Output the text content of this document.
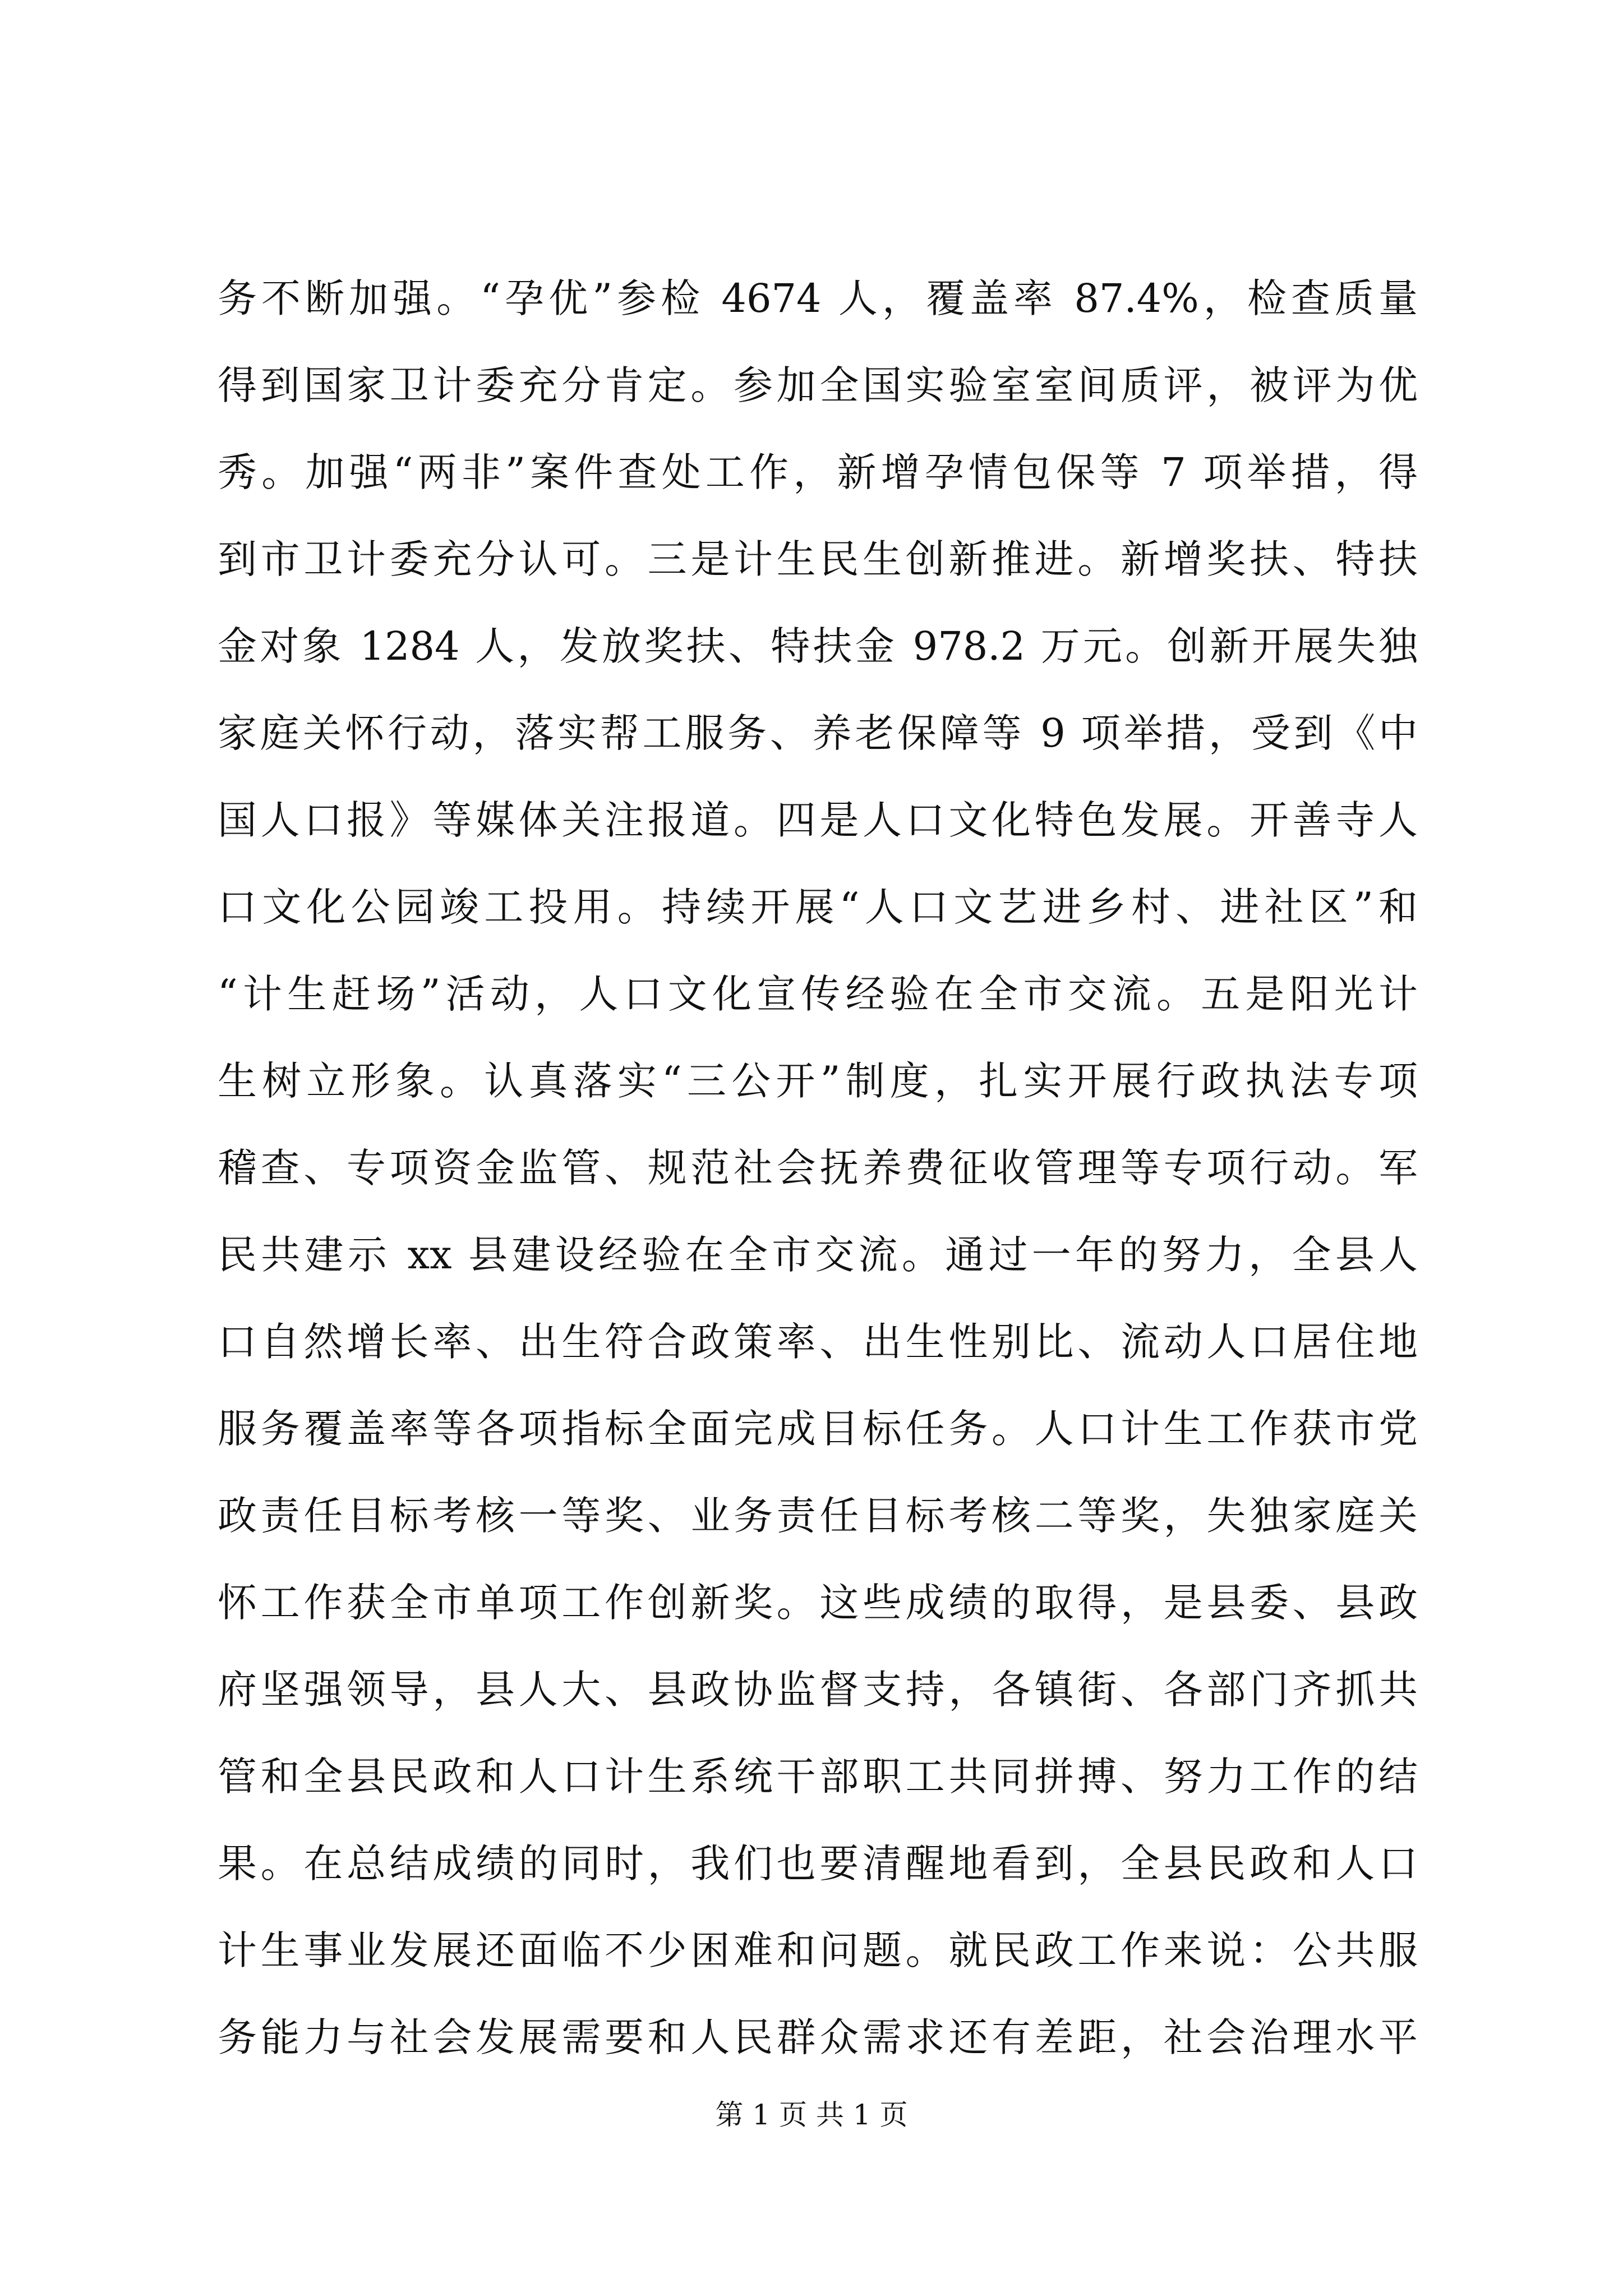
务不断加强。“孕优”参检 4674 人，覆盖率 87.4%，检查质量
得到国家卫计委充分肯定。参加全国实验室室间质评，被评为优
秀。加强“两非”案件查处工作，新增孕情包保等 7 项举措，得
到市卫计委充分认可。三是计生民生创新推进。新增奖扶、特扶
金对象 1284 人，发放奖扶、特扶金 978.2 万元。创新开展失独
家庭关怀行动，落实帮工服务、养老保障等 9 项举措，受到《中
国人口报》等媒体关注报道。四是人口文化特色发展。开善寺人
口文化公园竣工投用。持续开展“人口文艺进乡村、进社区”和
“计生赶场”活动，人口文化宣传经验在全市交流。五是阳光计
生树立形象。认真落实“三公开”制度，扎实开展行政执法专项
稽查、专项资金监管、规范社会抚养费征收管理等专项行动。军
民共建示 xx 县建设经验在全市交流。通过一年的努力，全县人
口自然增长率、出生符合政策率、出生性别比、流动人口居住地
服务覆盖率等各项指标全面完成目标任务。人口计生工作获市党
政责任目标考核一等奖、业务责任目标考核二等奖，失独家庭关
怀工作获全市单项工作创新奖。这些成绩的取得，是县委、县政
府坚强领导，县人大、县政协监督支持，各镇街、各部门齐抓共
管和全县民政和人口计生系统干部职工共同拼搏、努力工作的结
果。在总结成绩的同时，我们也要清醒地看到，全县民政和人口
计生事业发展还面临不少困难和问题。就民政工作来说：公共服
务能力与社会发展需要和人民群众需求还有差距，社会治理水平
第 1 页 共 1 页
